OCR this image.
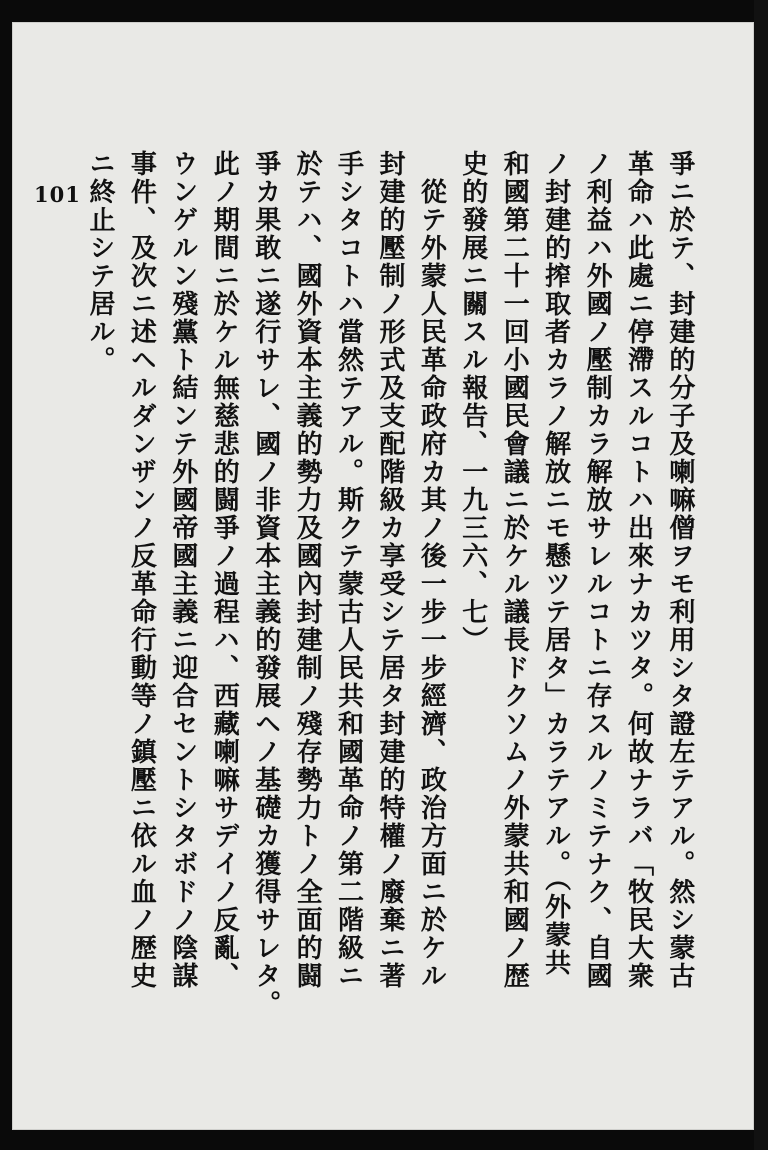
101	爭ニ於テ、封建的分子及喇嘛僧ヲモ利用シタ證左テアル。然シ蒙古
革命ハ此處ニ停滯スルコトハ出來ナカツタ。何故ナラバ「牧民大衆
ノ利益ハ外國ノ壓制カラ解放サレルコトニ存スルノミテナク、自國
ノ封建的搾取者カラノ解放ニモ懸ツテ居タ」カラテアル。（外蒙共
和國第二十一回小國民會議ニ於ケル議長ドクソムノ外蒙共和國ノ歴
史的發展ニ關スル報告、一九三六、七）
　從テ外蒙人民革命政府カ其ノ後一步一步經濟、政治方面ニ於ケル
封建的壓制ノ形式及支配階級カ享受シテ居タ封建的特權ノ廢棄ニ著
手シタコトハ當然テアル。斯クテ蒙古人民共和國革命ノ第二階級ニ
於テハ、國外資本主義的勢力及國內封建制ノ殘存勢力トノ全面的闘
爭カ果敢ニ遂行サレ、國ノ非資本主義的發展ヘノ基礎カ獲得サレタ。
此ノ期間ニ於ケル無慈悲的闘爭ノ過程ハ、西藏喇嘛サデイノ反亂、
ウンゲルン殘黨ト結ンテ外國帝國主義ニ迎合セントシタボドノ陰謀
事件、及次ニ述ヘルダンザンノ反革命行動等ノ鎮壓ニ依ル血ノ歴史
ニ終止シテ居ル。
